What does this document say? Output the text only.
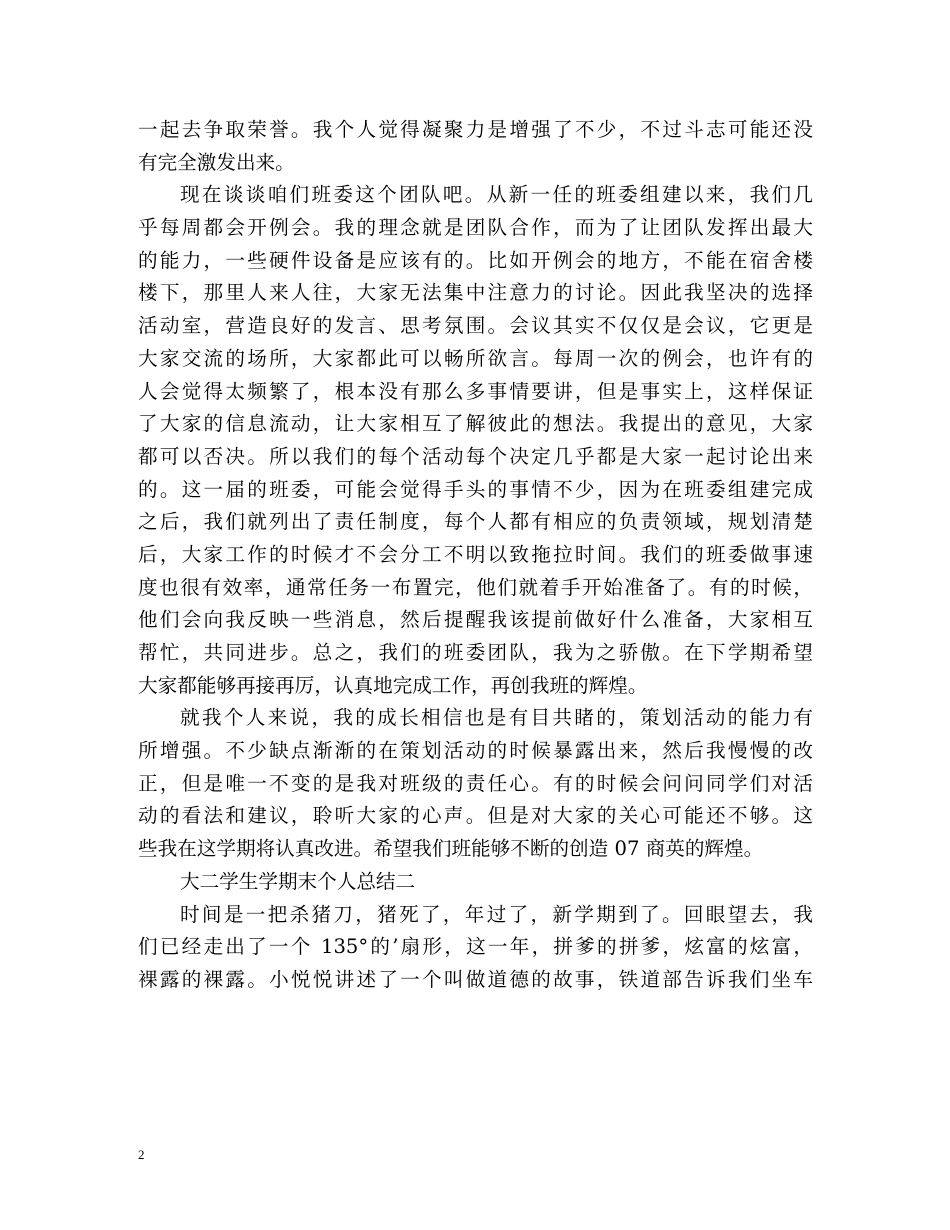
一起去争取荣誉。我个人觉得凝聚力是增强了不少，不过斗志可能还没
有完全激发出来。
现在谈谈咱们班委这个团队吧。从新一任的班委组建以来，我们几
乎每周都会开例会。我的理念就是团队合作，而为了让团队发挥出最大
的能力，一些硬件设备是应该有的。比如开例会的地方，不能在宿舍楼
楼下，那里人来人往，大家无法集中注意力的讨论。因此我坚决的选择
活动室，营造良好的发言、思考氛围。会议其实不仅仅是会议，它更是
大家交流的场所，大家都此可以畅所欲言。每周一次的例会，也许有的
人会觉得太频繁了，根本没有那么多事情要讲，但是事实上，这样保证
了大家的信息流动，让大家相互了解彼此的想法。我提出的意见，大家
都可以否决。所以我们的每个活动每个决定几乎都是大家一起讨论出来
的。这一届的班委，可能会觉得手头的事情不少，因为在班委组建完成
之后，我们就列出了责任制度，每个人都有相应的负责领域，规划清楚
后，大家工作的时候才不会分工不明以致拖拉时间。我们的班委做事速
度也很有效率，通常任务一布置完，他们就着手开始准备了。有的时候，
他们会向我反映一些消息，然后提醒我该提前做好什么准备，大家相互
帮忙，共同进步。总之，我们的班委团队，我为之骄傲。在下学期希望
大家都能够再接再厉，认真地完成工作，再创我班的辉煌。
就我个人来说，我的成长相信也是有目共睹的，策划活动的能力有
所增强。不少缺点渐渐的在策划活动的时候暴露出来，然后我慢慢的改
正，但是唯一不变的是我对班级的责任心。有的时候会问问同学们对活
动的看法和建议，聆听大家的心声。但是对大家的关心可能还不够。这
些我在这学期将认真改进。希望我们班能够不断的创造 07 商英的辉煌。
大二学生学期末个人总结二
时间是一把杀猪刀，猪死了，年过了，新学期到了。回眼望去，我
们已经走出了一个 135°的’扇形，这一年，拼爹的拼爹，炫富的炫富，
裸露的裸露。小悦悦讲述了一个叫做道德的故事，铁道部告诉我们坐车
2
